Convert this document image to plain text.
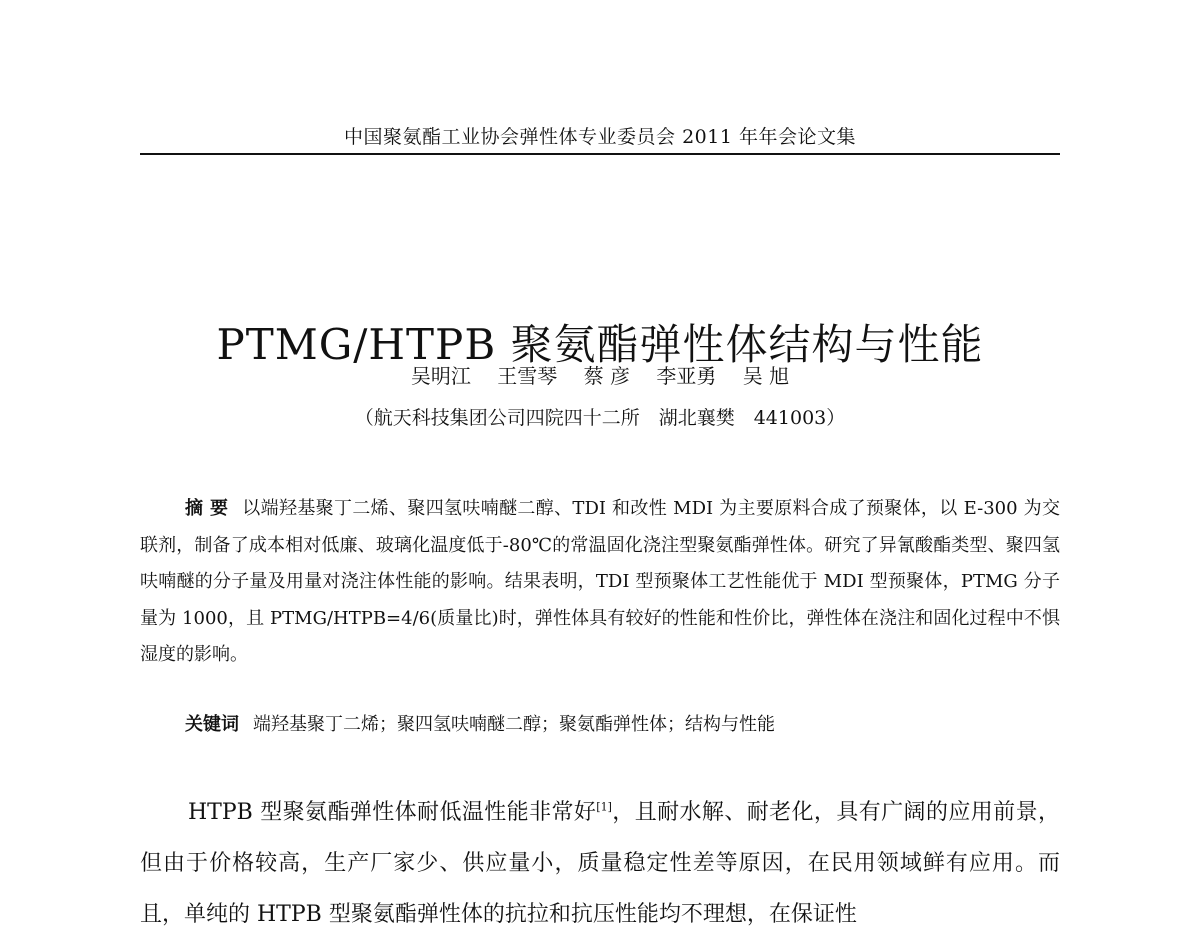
中国聚氨酯工业协会弹性体专业委员会 2011 年年会论文集
PTMG/HTPB 聚氨酯弹性体结构与性能
吴明江 王雪琴 蔡 彦 李亚勇 吴 旭
（航天科技集团公司四院四十二所　湖北襄樊　441003）

摘 要 以端羟基聚丁二烯、聚四氢呋喃醚二醇、TDI 和改性 MDI 为主要原料合成了预聚体，以 E-300 为交联剂，制备了成本相对低廉、玻璃化温度低于-80℃的常温固化浇注型聚氨酯弹性体。研究了异氰酸酯类型、聚四氢呋喃醚的分子量及用量对浇注体性能的影响。结果表明，TDI 型预聚体工艺性能优于 MDI 型预聚体，PTMG 分子量为 1000，且 PTMG/HTPB=4/6(质量比)时，弹性体具有较好的性能和性价比，弹性体在浇注和固化过程中不惧湿度的影响。

关键词 端羟基聚丁二烯；聚四氢呋喃醚二醇；聚氨酯弹性体；结构与性能

HTPB 型聚氨酯弹性体耐低温性能非常好[1]，且耐水解、耐老化，具有广阔的应用前景，但由于价格较高，生产厂家少、供应量小，质量稳定性差等原因，在民用领域鲜有应用。而且，单纯的 HTPB 型聚氨酯弹性体的抗拉和抗压性能均不理想，在保证性
